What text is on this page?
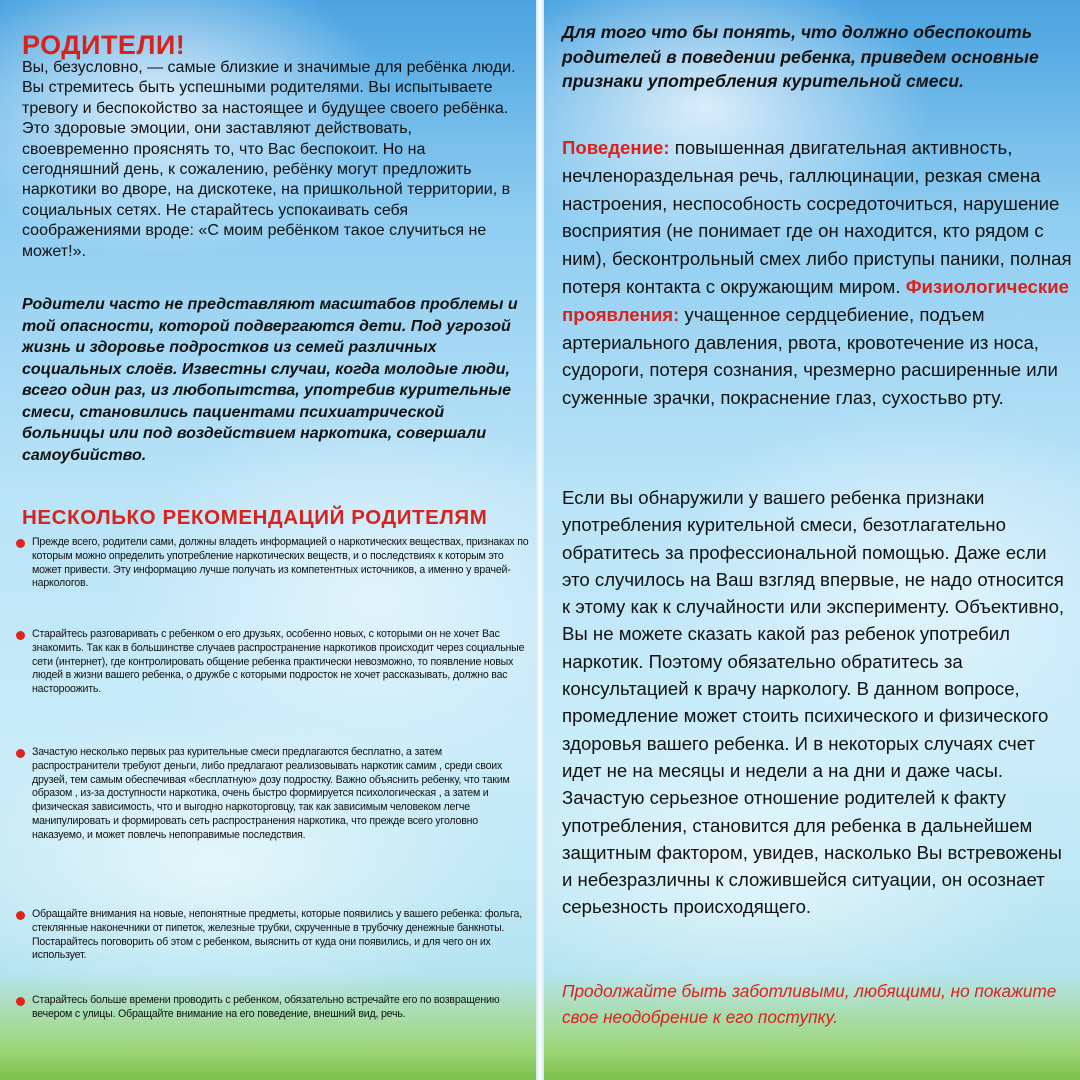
РОДИТЕЛИ!
Вы, безусловно, — самые близкие и значимые для ребёнка люди. Вы стремитесь быть успешными родителями. Вы испытываете тревогу и беспокойство за настоящее и будущее своего ребёнка. Это здоровые эмоции, они заставляют действовать, своевременно прояснять то, что Вас беспокоит. Но на сегодняшний день, к сожалению, ребёнку могут предложить наркотики во дворе, на дискотеке, на пришкольной территории, в социальных сетях. Не старайтесь успокаивать себя соображениями вроде: «С моим ребёнком такое случиться не может!».
Родители часто не представляют масштабов проблемы и той опасности, которой подвергаются дети. Под угрозой жизнь и здоровье подростков из семей различных социальных слоёв. Известны случаи, когда молодые люди, всего один раз, из любопытства, употребив курительные смеси, становились пациентами психиатрической больницы или под воздействием наркотика, совершали самоубийство.
НЕСКОЛЬКО РЕКОМЕНДАЦИЙ РОДИТЕЛЯМ
Прежде всего, родители сами, должны владеть информацией о наркотических веществах, признаках по которым можно определить употребление наркотических веществ, и о последствиях к которым это может привести. Эту информацию лучше получать из компетентных источников, а именно у врачей-наркологов.
Старайтесь разговаривать с ребенком о его друзьях, особенно новых, с которыми он не хочет Вас знакомить. Так как в большинстве случаев распространение наркотиков происходит через социальные сети (интернет), где контролировать общение ребенка практически невозможно, то появление новых людей в жизни вашего ребенка, о дружбе с которыми подросток не хочет рассказывать, должно вас настороожить.
Зачастую несколько первых раз курительные смеси предлагаются бесплатно, а затем распространители требуют деньги, либо предлагают реализовывать наркотик самим , среди своих друзей, тем самым обеспечивая «бесплатную» дозу подростку. Важно объяснить ребенку, что таким образом , из-за доступности наркотика, очень быстро формируется психологическая , а затем и физическая зависимость, что и выгодно наркоторговцу, так как зависимым человеком легче манипулировать и формировать сеть распространения наркотика, что прежде всего уголовно наказуемо, и может повлечь непоправимые последствия.
Обращайте внимания на новые, непонятные предметы, которые появились у вашего ребенка: фольга, стеклянные наконечники от пипеток, железные трубки, скрученные в трубочку денежные банкноты. Постарайтесь поговорить об этом с ребенком, выяснить от куда они появились, и для чего он их использует.
Старайтесь больше времени проводить с ребенком, обязательно встречайте его по возвращению вечером с улицы. Обращайте внимание на его поведение, внешний вид, речь.
Для того что бы понять, что должно обеспокоить родителей в поведении ребенка, приведем основные признаки употребления курительной смеси.
Поведение: повышенная двигательная активность, нечленораздельная речь, галлюцинации, резкая смена настроения, неспособность сосредоточиться, нарушение восприятия (не понимает где он находится, кто рядом с ним), бесконтрольный смех либо приступы паники, полная потеря контакта с окружающим миром. Физиологические проявления: учащенное сердцебиение, подъем артериального давления, рвота, кровотечение из носа, судороги, потеря сознания, чрезмерно расширенные или суженные зрачки, покраснение глаз, сухостьво рту.
Если вы обнаружили у вашего ребенка признаки употребления курительной смеси, безотлагательно обратитесь за профессиональной помощью. Даже если это случилось на Ваш взгляд впервые, не надо относится к этому как к случайности или эксперименту. Объективно, Вы не можете сказать какой раз ребенок употребил наркотик. Поэтому обязательно обратитесь за консультацией к врачу наркологу. В данном вопросе, промедление может стоить психического и физического здоровья вашего ребенка. И в некоторых случаях счет идет не на месяцы и недели а на дни и даже часы. Зачастую серьезное отношение родителей к факту употребления, становится для ребенка в дальнейшем защитным фактором, увидев, насколько Вы встревожены и небезразличны к сложившейся ситуации, он осознает серьезность происходящего.
Продолжайте быть заботливыми, любящими, но покажите свое неодобрение к его поступку.
